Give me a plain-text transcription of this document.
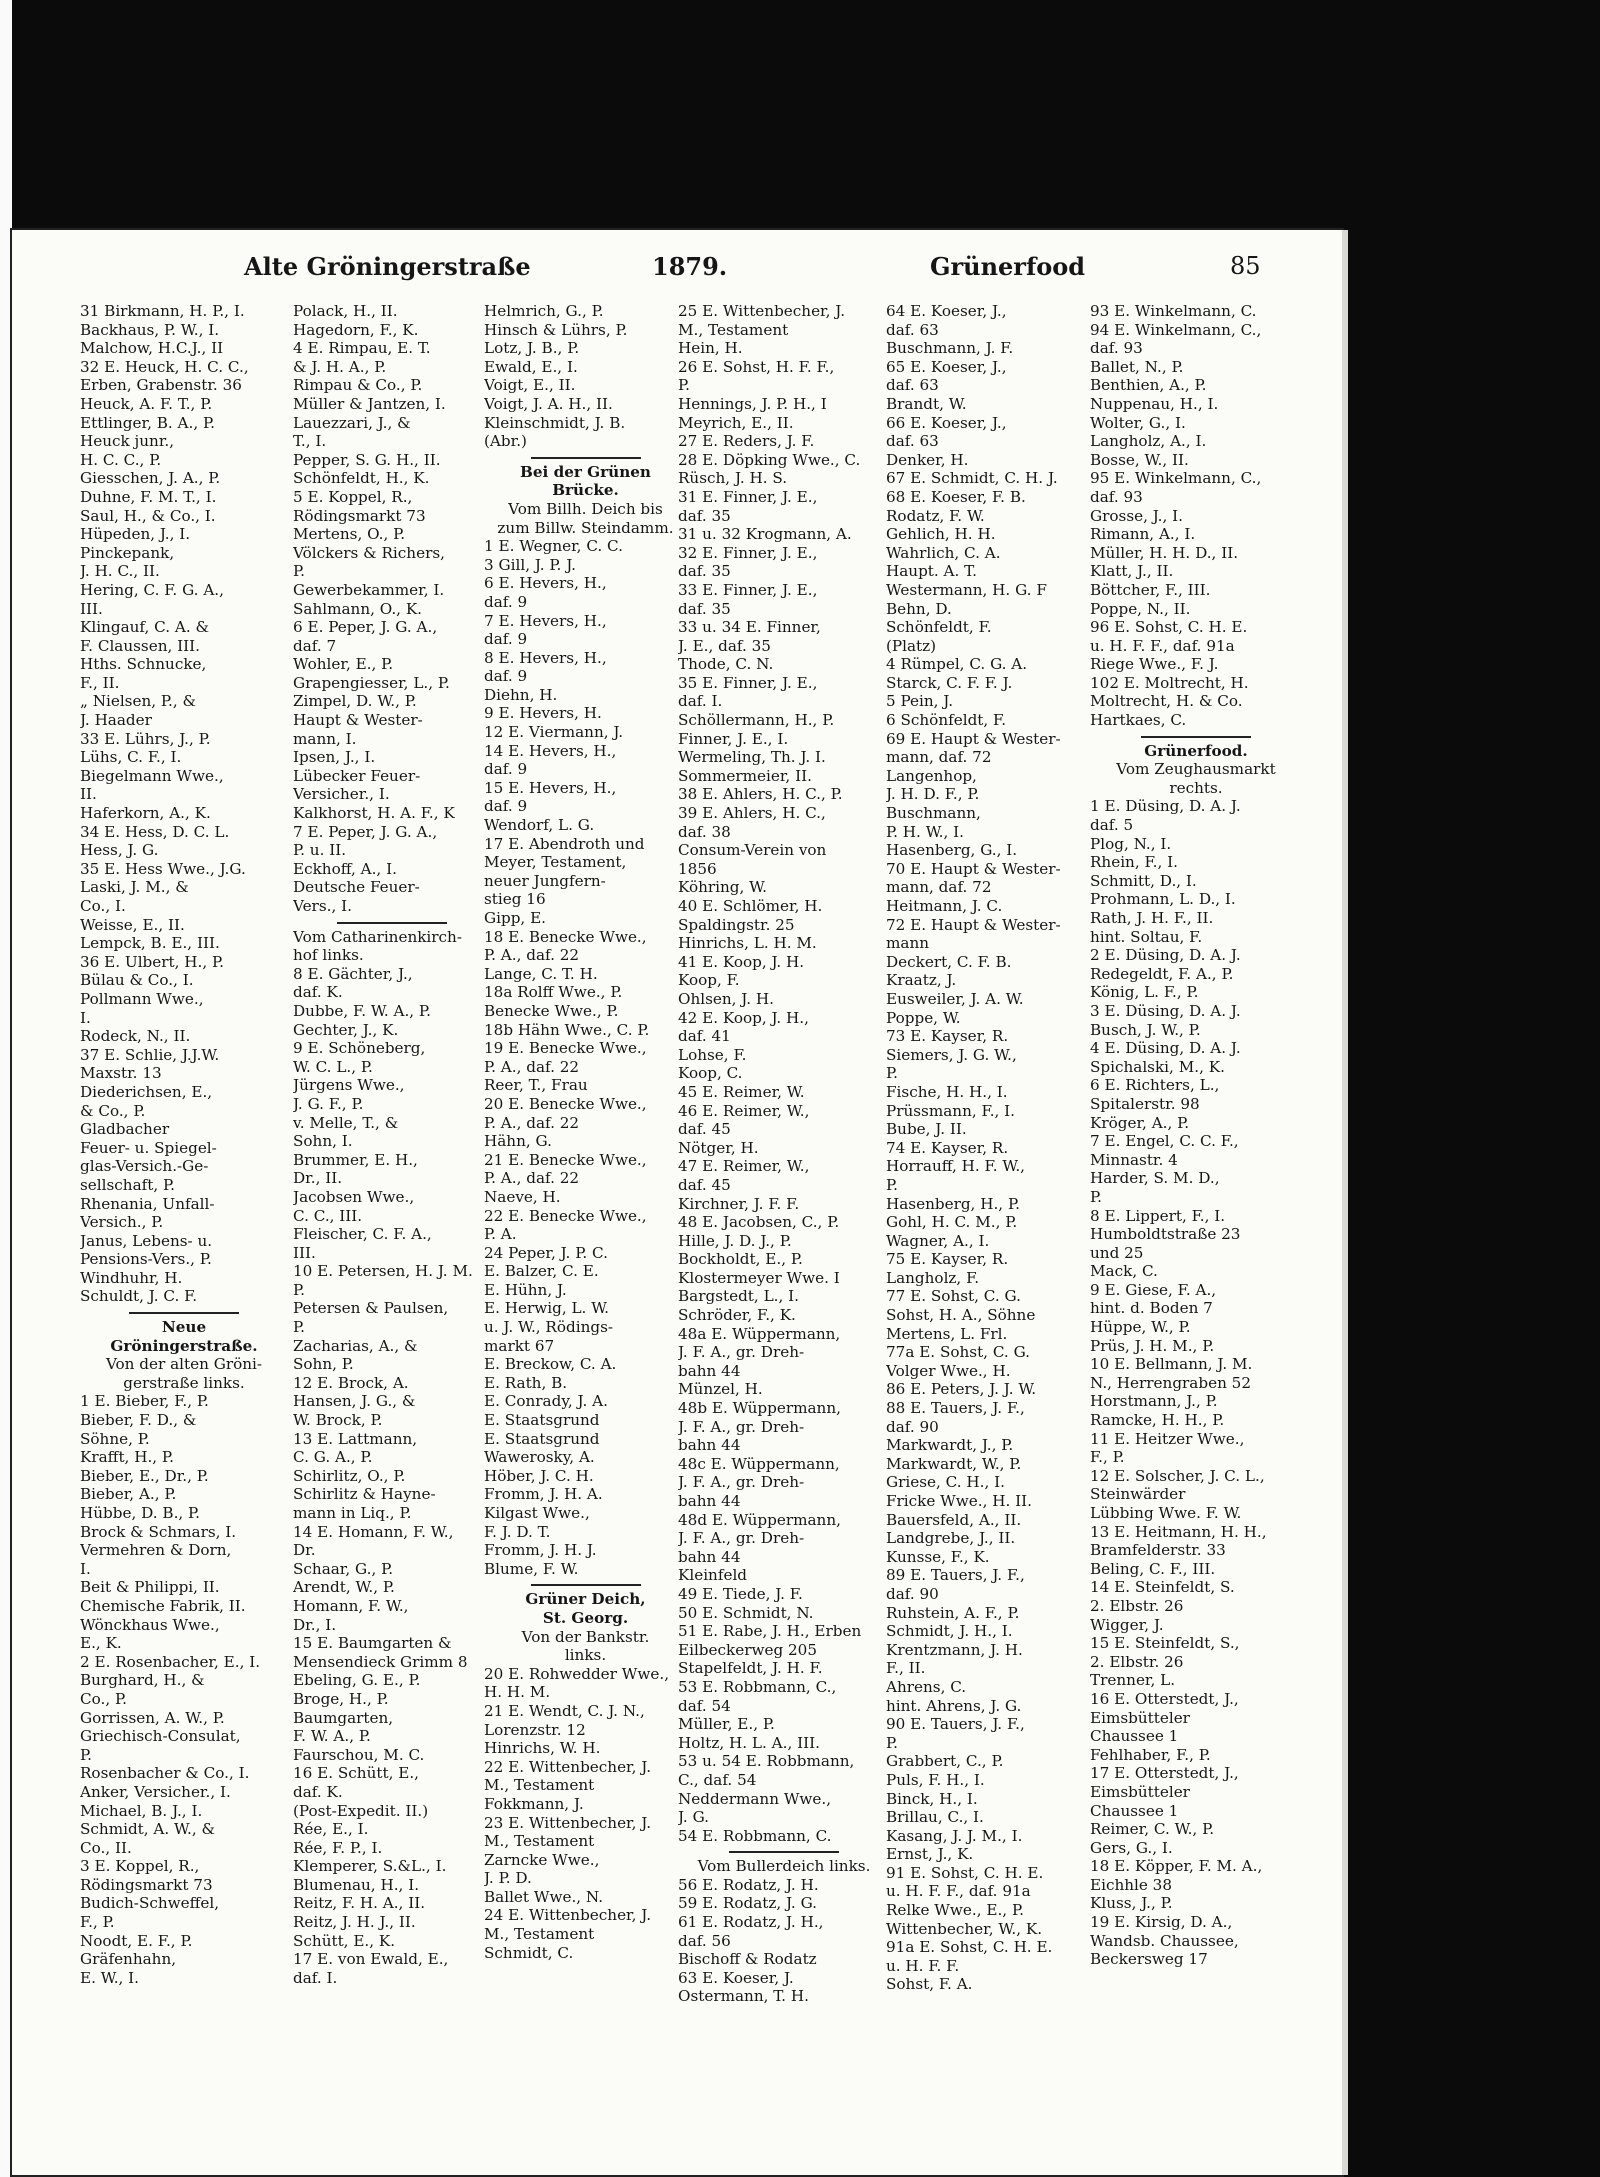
Alte Gröningerstraße	1879.	Grünerfood	85
31 Birkmann, H. P., I.
Backhaus, P. W., I.
Malchow, H.C.J., II
32 E. Heuck, H. C. C.,
Erben, Grabenstr. 36
Heuck, A. F. T., P.
Ettlinger, B. A., P.
Heuck junr.,
H. C. C., P.
Giesschen, J. A., P.
Duhne, F. M. T., I.
Saul, H., & Co., I.
Hüpeden, J., I.
Pinckepank,
J. H. C., II.
Hering, C. F. G. A.,
III.
Klingauf, C. A. &
F. Claussen, III.
Hths. Schnucke,
F., II.
„ Nielsen, P., &
J. Haader
33 E. Lührs, J., P.
Lühs, C. F., I.
Biegelmann Wwe.,
II.
Haferkorn, A., K.
34 E. Hess, D. C. L.
Hess, J. G.
35 E. Hess Wwe., J.G.
Laski, J. M., &
Co., I.
Weisse, E., II.
Lempck, B. E., III.
36 E. Ulbert, H., P.
Bülau & Co., I.
Pollmann Wwe.,
I.
Rodeck, N., II.
37 E. Schlie, J.J.W.
Maxstr. 13
Diederichsen, E.,
& Co., P.
Gladbacher
Feuer- u. Spiegel-
glas-Versich.-Ge-
sellschaft, P.
Rhenania, Unfall-
Versich., P.
Janus, Lebens- u.
Pensions-Vers., P.
Windhuhr, H.
Schuldt, J. C. F.
Neue
Gröningerstraße.
Von der alten Gröni-
gerstraße links.
1 E. Bieber, F., P.
Bieber, F. D., &
Söhne, P.
Krafft, H., P.
Bieber, E., Dr., P.
Bieber, A., P.
Hübbe, D. B., P.
Brock & Schmars, I.
Vermehren & Dorn,
I.
Beit & Philippi, II.
Chemische Fabrik, II.
Wönckhaus Wwe.,
E., K.
2 E. Rosenbacher, E., I.
Burghard, H., &
Co., P.
Gorrissen, A. W., P.
Griechisch-Consulat,
P.
Rosenbacher & Co., I.
Anker, Versicher., I.
Michael, B. J., I.
Schmidt, A. W., &
Co., II.
3 E. Koppel, R.,
Rödingsmarkt 73
Budich-Schweffel,
F., P.
Noodt, E. F., P.
Gräfenhahn,
E. W., I.
Polack, H., II.
Hagedorn, F., K.
4 E. Rimpau, E. T.
& J. H. A., P.
Rimpau & Co., P.
Müller & Jantzen, I.
Lauezzari, J., &
T., I.
Pepper, S. G. H., II.
Schönfeldt, H., K.
5 E. Koppel, R.,
Rödingsmarkt 73
Mertens, O., P.
Völckers & Richers,
P.
Gewerbekammer, I.
Sahlmann, O., K.
6 E. Peper, J. G. A.,
daf. 7
Wohler, E., P.
Grapengiesser, L., P.
Zimpel, D. W., P.
Haupt & Wester-
mann, I.
Ipsen, J., I.
Lübecker Feuer-
Versicher., I.
Kalkhorst, H. A. F., K
7 E. Peper, J. G. A.,
P. u. II.
Eckhoff, A., I.
Deutsche Feuer-
Vers., I.
Vom Catharinenkirch-
hof links.
8 E. Gächter, J.,
daf. K.
Dubbe, F. W. A., P.
Gechter, J., K.
9 E. Schöneberg,
W. C. L., P.
Jürgens Wwe.,
J. G. F., P.
v. Melle, T., &
Sohn, I.
Brummer, E. H.,
Dr., II.
Jacobsen Wwe.,
C. C., III.
Fleischer, C. F. A.,
III.
10 E. Petersen, H. J. M.
P.
Petersen & Paulsen,
P.
Zacharias, A., &
Sohn, P.
12 E. Brock, A.
Hansen, J. G., &
W. Brock, P.
13 E. Lattmann,
C. G. A., P.
Schirlitz, O., P.
Schirlitz & Hayne-
mann in Liq., P.
14 E. Homann, F. W.,
Dr.
Schaar, G., P.
Arendt, W., P.
Homann, F. W.,
Dr., I.
15 E. Baumgarten &
Mensendieck Grimm 8
Ebeling, G. E., P.
Broge, H., P.
Baumgarten,
F. W. A., P.
Faurschou, M. C.
16 E. Schütt, E.,
daf. K.
(Post-Expedit. II.)
Rée, E., I.
Rée, F. P., I.
Klemperer, S.&L., I.
Blumenau, H., I.
Reitz, F. H. A., II.
Reitz, J. H. J., II.
Schütt, E., K.
17 E. von Ewald, E.,
daf. I.
Helmrich, G., P.
Hinsch & Lührs, P.
Lotz, J. B., P.
Ewald, E., I.
Voigt, E., II.
Voigt, J. A. H., II.
Kleinschmidt, J. B.
(Abr.)
Bei der Grünen
Brücke.
Vom Billh. Deich bis
zum Billw. Steindamm.
1 E. Wegner, C. C.
3 Gill, J. P. J.
6 E. Hevers, H.,
daf. 9
7 E. Hevers, H.,
daf. 9
8 E. Hevers, H.,
daf. 9
Diehn, H.
9 E. Hevers, H.
12 E. Viermann, J.
14 E. Hevers, H.,
daf. 9
15 E. Hevers, H.,
daf. 9
Wendorf, L. G.
17 E. Abendroth und
Meyer, Testament,
neuer Jungfern-
stieg 16
Gipp, E.
18 E. Benecke Wwe.,
P. A., daf. 22
Lange, C. T. H.
18a Rolff Wwe., P.
Benecke Wwe., P.
18b Hähn Wwe., C. P.
19 E. Benecke Wwe.,
P. A., daf. 22
Reer, T., Frau
20 E. Benecke Wwe.,
P. A., daf. 22
Hähn, G.
21 E. Benecke Wwe.,
P. A., daf. 22
Naeve, H.
22 E. Benecke Wwe.,
P. A.
24 Peper, J. P. C.
E. Balzer, C. E.
E. Hühn, J.
E. Herwig, L. W.
u. J. W., Rödings-
markt 67
E. Breckow, C. A.
E. Rath, B.
E. Conrady, J. A.
E. Staatsgrund
E. Staatsgrund
Wawerosky, A.
Höber, J. C. H.
Fromm, J. H. A.
Kilgast Wwe.,
F. J. D. T.
Fromm, J. H. J.
Blume, F. W.
Grüner Deich,
St. Georg.
Von der Bankstr.
links.
20 E. Rohwedder Wwe.,
H. H. M.
21 E. Wendt, C. J. N.,
Lorenzstr. 12
Hinrichs, W. H.
22 E. Wittenbecher, J.
M., Testament
Fokkmann, J.
23 E. Wittenbecher, J.
M., Testament
Zarncke Wwe.,
J. P. D.
Ballet Wwe., N.
24 E. Wittenbecher, J.
M., Testament
Schmidt, C.
25 E. Wittenbecher, J.
M., Testament
Hein, H.
26 E. Sohst, H. F. F.,
P.
Hennings, J. P. H., I
Meyrich, E., II.
27 E. Reders, J. F.
28 E. Döpking Wwe., C.
Rüsch, J. H. S.
31 E. Finner, J. E.,
daf. 35
31 u. 32 Krogmann, A.
32 E. Finner, J. E.,
daf. 35
33 E. Finner, J. E.,
daf. 35
33 u. 34 E. Finner,
J. E., daf. 35
Thode, C. N.
35 E. Finner, J. E.,
daf. I.
Schöllermann, H., P.
Finner, J. E., I.
Wermeling, Th. J. I.
Sommermeier, II.
38 E. Ahlers, H. C., P.
39 E. Ahlers, H. C.,
daf. 38
Consum-Verein von
1856
Köhring, W.
40 E. Schlömer, H.
Spaldingstr. 25
Hinrichs, L. H. M.
41 E. Koop, J. H.
Koop, F.
Ohlsen, J. H.
42 E. Koop, J. H.,
daf. 41
Lohse, F.
Koop, C.
45 E. Reimer, W.
46 E. Reimer, W.,
daf. 45
Nötger, H.
47 E. Reimer, W.,
daf. 45
Kirchner, J. F. F.
48 E. Jacobsen, C., P.
Hille, J. D. J., P.
Bockholdt, E., P.
Klostermeyer Wwe. I
Bargstedt, L., I.
Schröder, F., K.
48a E. Wüppermann,
J. F. A., gr. Dreh-
bahn 44
Münzel, H.
48b E. Wüppermann,
J. F. A., gr. Dreh-
bahn 44
48c E. Wüppermann,
J. F. A., gr. Dreh-
bahn 44
48d E. Wüppermann,
J. F. A., gr. Dreh-
bahn 44
Kleinfeld
49 E. Tiede, J. F.
50 E. Schmidt, N.
51 E. Rabe, J. H., Erben
Eilbeckerweg 205
Stapelfeldt, J. H. F.
53 E. Robbmann, C.,
daf. 54
Müller, E., P.
Holtz, H. L. A., III.
53 u. 54 E. Robbmann,
C., daf. 54
Neddermann Wwe.,
J. G.
54 E. Robbmann, C.
Vom Bullerdeich links.
56 E. Rodatz, J. H.
59 E. Rodatz, J. G.
61 E. Rodatz, J. H.,
daf. 56
Bischoff & Rodatz
63 E. Koeser, J.
Ostermann, T. H.
64 E. Koeser, J.,
daf. 63
Buschmann, J. F.
65 E. Koeser, J.,
daf. 63
Brandt, W.
66 E. Koeser, J.,
daf. 63
Denker, H.
67 E. Schmidt, C. H. J.
68 E. Koeser, F. B.
Rodatz, F. W.
Gehlich, H. H.
Wahrlich, C. A.
Haupt. A. T.
Westermann, H. G. F
Behn, D.
Schönfeldt, F.
(Platz)
4 Rümpel, C. G. A.
Starck, C. F. F. J.
5 Pein, J.
6 Schönfeldt, F.
69 E. Haupt & Wester-
mann, daf. 72
Langenhop,
J. H. D. F., P.
Buschmann,
P. H. W., I.
Hasenberg, G., I.
70 E. Haupt & Wester-
mann, daf. 72
Heitmann, J. C.
72 E. Haupt & Wester-
mann
Deckert, C. F. B.
Kraatz, J.
Eusweiler, J. A. W.
Poppe, W.
73 E. Kayser, R.
Siemers, J. G. W.,
P.
Fische, H. H., I.
Prüssmann, F., I.
Bube, J. II.
74 E. Kayser, R.
Horrauff, H. F. W.,
P.
Hasenberg, H., P.
Gohl, H. C. M., P.
Wagner, A., I.
75 E. Kayser, R.
Langholz, F.
77 E. Sohst, C. G.
Sohst, H. A., Söhne
Mertens, L. Frl.
77a E. Sohst, C. G.
Volger Wwe., H.
86 E. Peters, J. J. W.
88 E. Tauers, J. F.,
daf. 90
Markwardt, J., P.
Markwardt, W., P.
Griese, C. H., I.
Fricke Wwe., H. II.
Bauersfeld, A., II.
Landgrebe, J., II.
Kunsse, F., K.
89 E. Tauers, J. F.,
daf. 90
Ruhstein, A. F., P.
Schmidt, J. H., I.
Krentzmann, J. H.
F., II.
Ahrens, C.
hint. Ahrens, J. G.
90 E. Tauers, J. F.,
P.
Grabbert, C., P.
Puls, F. H., I.
Binck, H., I.
Brillau, C., I.
Kasang, J. J. M., I.
Ernst, J., K.
91 E. Sohst, C. H. E.
u. H. F. F., daf. 91a
Relke Wwe., E., P.
Wittenbecher, W., K.
91a E. Sohst, C. H. E.
u. H. F. F.
Sohst, F. A.
93 E. Winkelmann, C.
94 E. Winkelmann, C.,
daf. 93
Ballet, N., P.
Benthien, A., P.
Nuppenau, H., I.
Wolter, G., I.
Langholz, A., I.
Bosse, W., II.
95 E. Winkelmann, C.,
daf. 93
Grosse, J., I.
Rimann, A., I.
Müller, H. H. D., II.
Klatt, J., II.
Böttcher, F., III.
Poppe, N., II.
96 E. Sohst, C. H. E.
u. H. F. F., daf. 91a
Riege Wwe., F. J.
102 E. Moltrecht, H.
Moltrecht, H. & Co.
Hartkaes, C.
Grünerfood.
Vom Zeughausmarkt
rechts.
1 E. Düsing, D. A. J.
daf. 5
Plog, N., I.
Rhein, F., I.
Schmitt, D., I.
Prohmann, L. D., I.
Rath, J. H. F., II.
hint. Soltau, F.
2 E. Düsing, D. A. J.
Redegeldt, F. A., P.
König, L. F., P.
3 E. Düsing, D. A. J.
Busch, J. W., P.
4 E. Düsing, D. A. J.
Spichalski, M., K.
6 E. Richters, L.,
Spitalerstr. 98
Kröger, A., P.
7 E. Engel, C. C. F.,
Minnastr. 4
Harder, S. M. D.,
P.
8 E. Lippert, F., I.
Humboldtstraße 23
und 25
Mack, C.
9 E. Giese, F. A.,
hint. d. Boden 7
Hüppe, W., P.
Prüs, J. H. M., P.
10 E. Bellmann, J. M.
N., Herrengraben 52
Horstmann, J., P.
Ramcke, H. H., P.
11 E. Heitzer Wwe.,
F., P.
12 E. Solscher, J. C. L.,
Steinwärder
Lübbing Wwe. F. W.
13 E. Heitmann, H. H.,
Bramfelderstr. 33
Beling, C. F., III.
14 E. Steinfeldt, S.
2. Elbstr. 26
Wigger, J.
15 E. Steinfeldt, S.,
2. Elbstr. 26
Trenner, L.
16 E. Otterstedt, J.,
Eimsbütteler
Chaussee 1
Fehlhaber, F., P.
17 E. Otterstedt, J.,
Eimsbütteler
Chaussee 1
Reimer, C. W., P.
Gers, G., I.
18 E. Köpper, F. M. A.,
Eichhle 38
Kluss, J., P.
19 E. Kirsig, D. A.,
Wandsb. Chaussee,
Beckersweg 17
